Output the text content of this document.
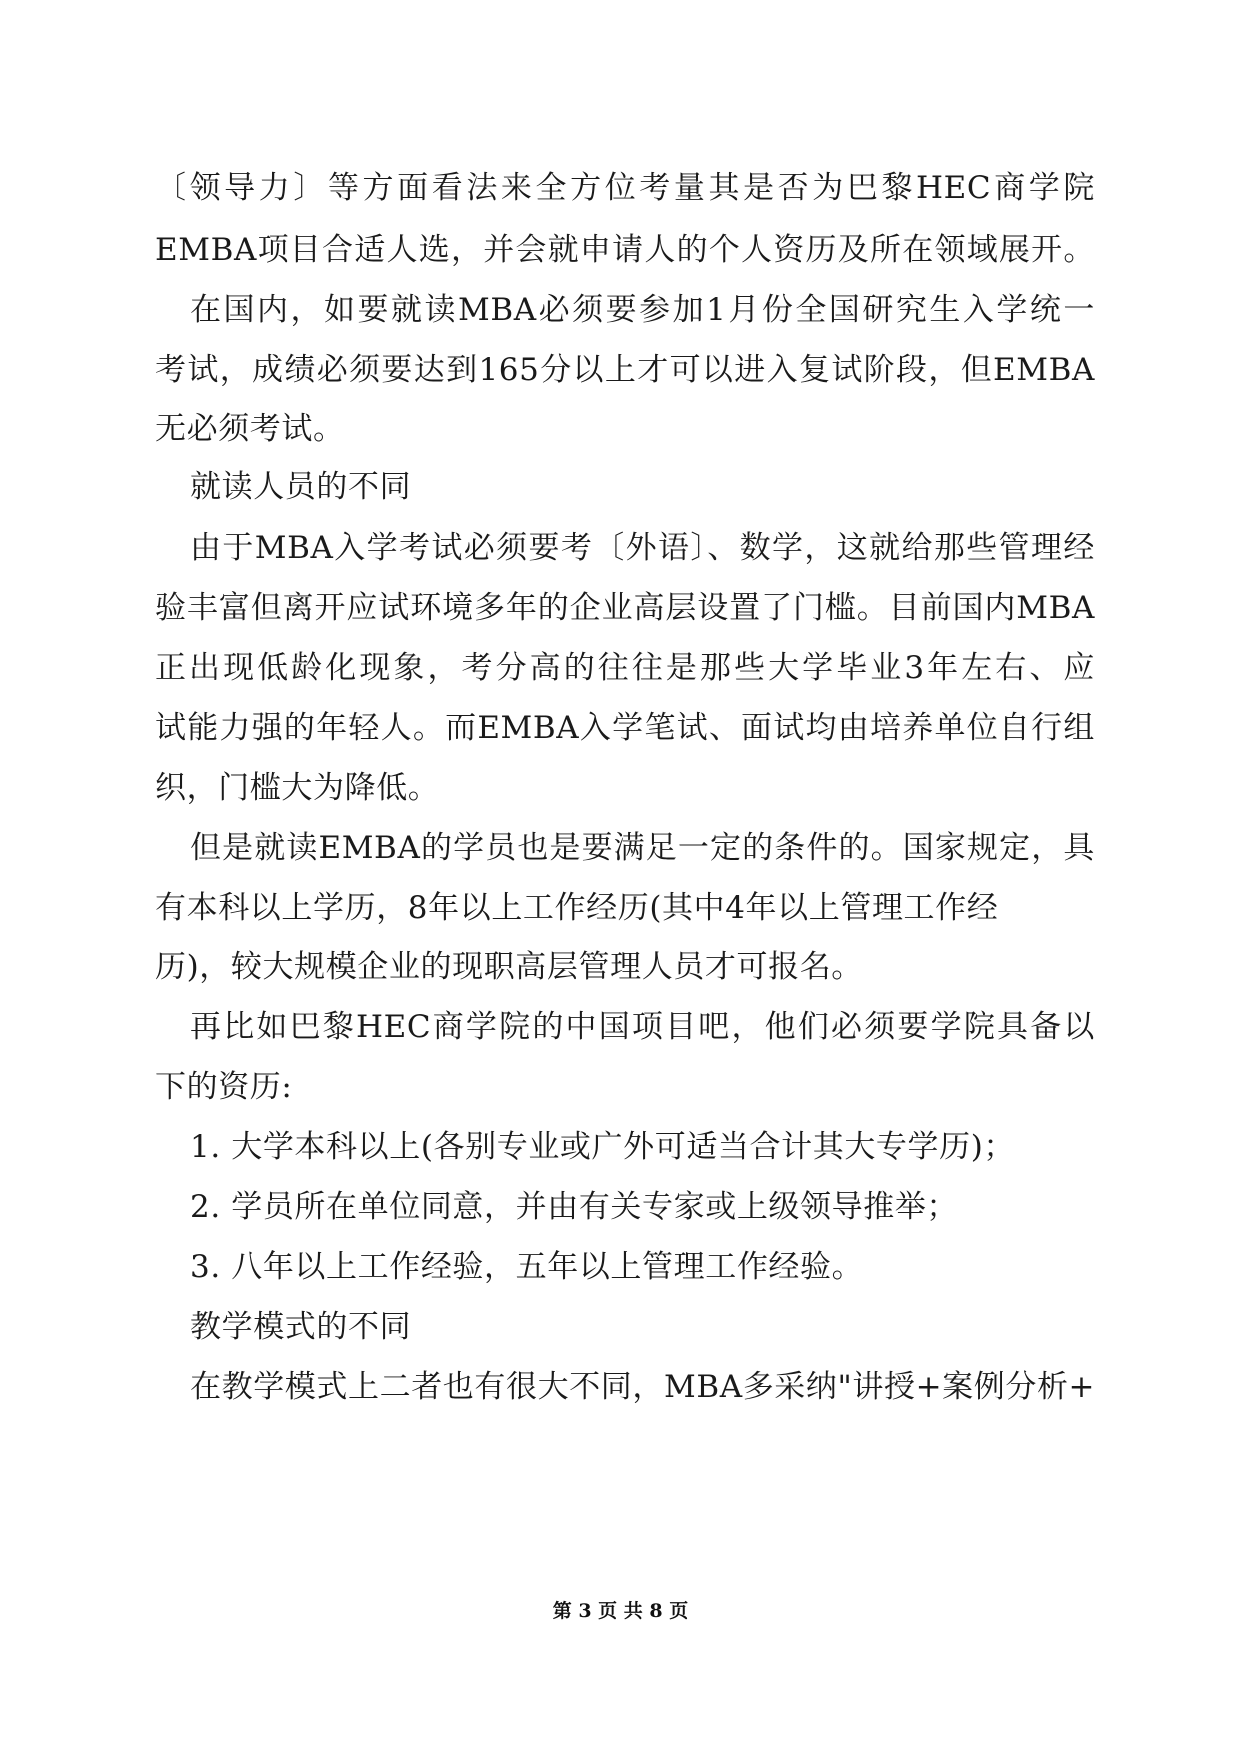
〔领导力〕等方面看法来全方位考量其是否为巴黎HEC商学院
EMBA项目合适人选，并会就申请人的个人资历及所在领域展开。
在国内，如要就读MBA必须要参加1月份全国研究生入学统一
考试，成绩必须要达到165分以上才可以进入复试阶段，但EMBA
无必须考试。
就读人员的不同
由于MBA入学考试必须要考〔外语〕、数学，这就给那些管理经
验丰富但离开应试环境多年的企业高层设置了门槛。目前国内MBA
正出现低龄化现象，考分高的往往是那些大学毕业3年左右、应
试能力强的年轻人。而EMBA入学笔试、面试均由培养单位自行组
织，门槛大为降低。
但是就读EMBA的学员也是要满足一定的条件的。国家规定，具
有本科以上学历，8年以上工作经历(其中4年以上管理工作经
历)，较大规模企业的现职高层管理人员才可报名。
再比如巴黎HEC商学院的中国项目吧，他们必须要学院具备以
下的资历:
1. 大学本科以上(各别专业或广外可适当合计其大专学历)；
2. 学员所在单位同意，并由有关专家或上级领导推举；
3. 八年以上工作经验，五年以上管理工作经验。
教学模式的不同
在教学模式上二者也有很大不同，MBA多采纳"讲授+案例分析+
第 3 页 共 8 页
